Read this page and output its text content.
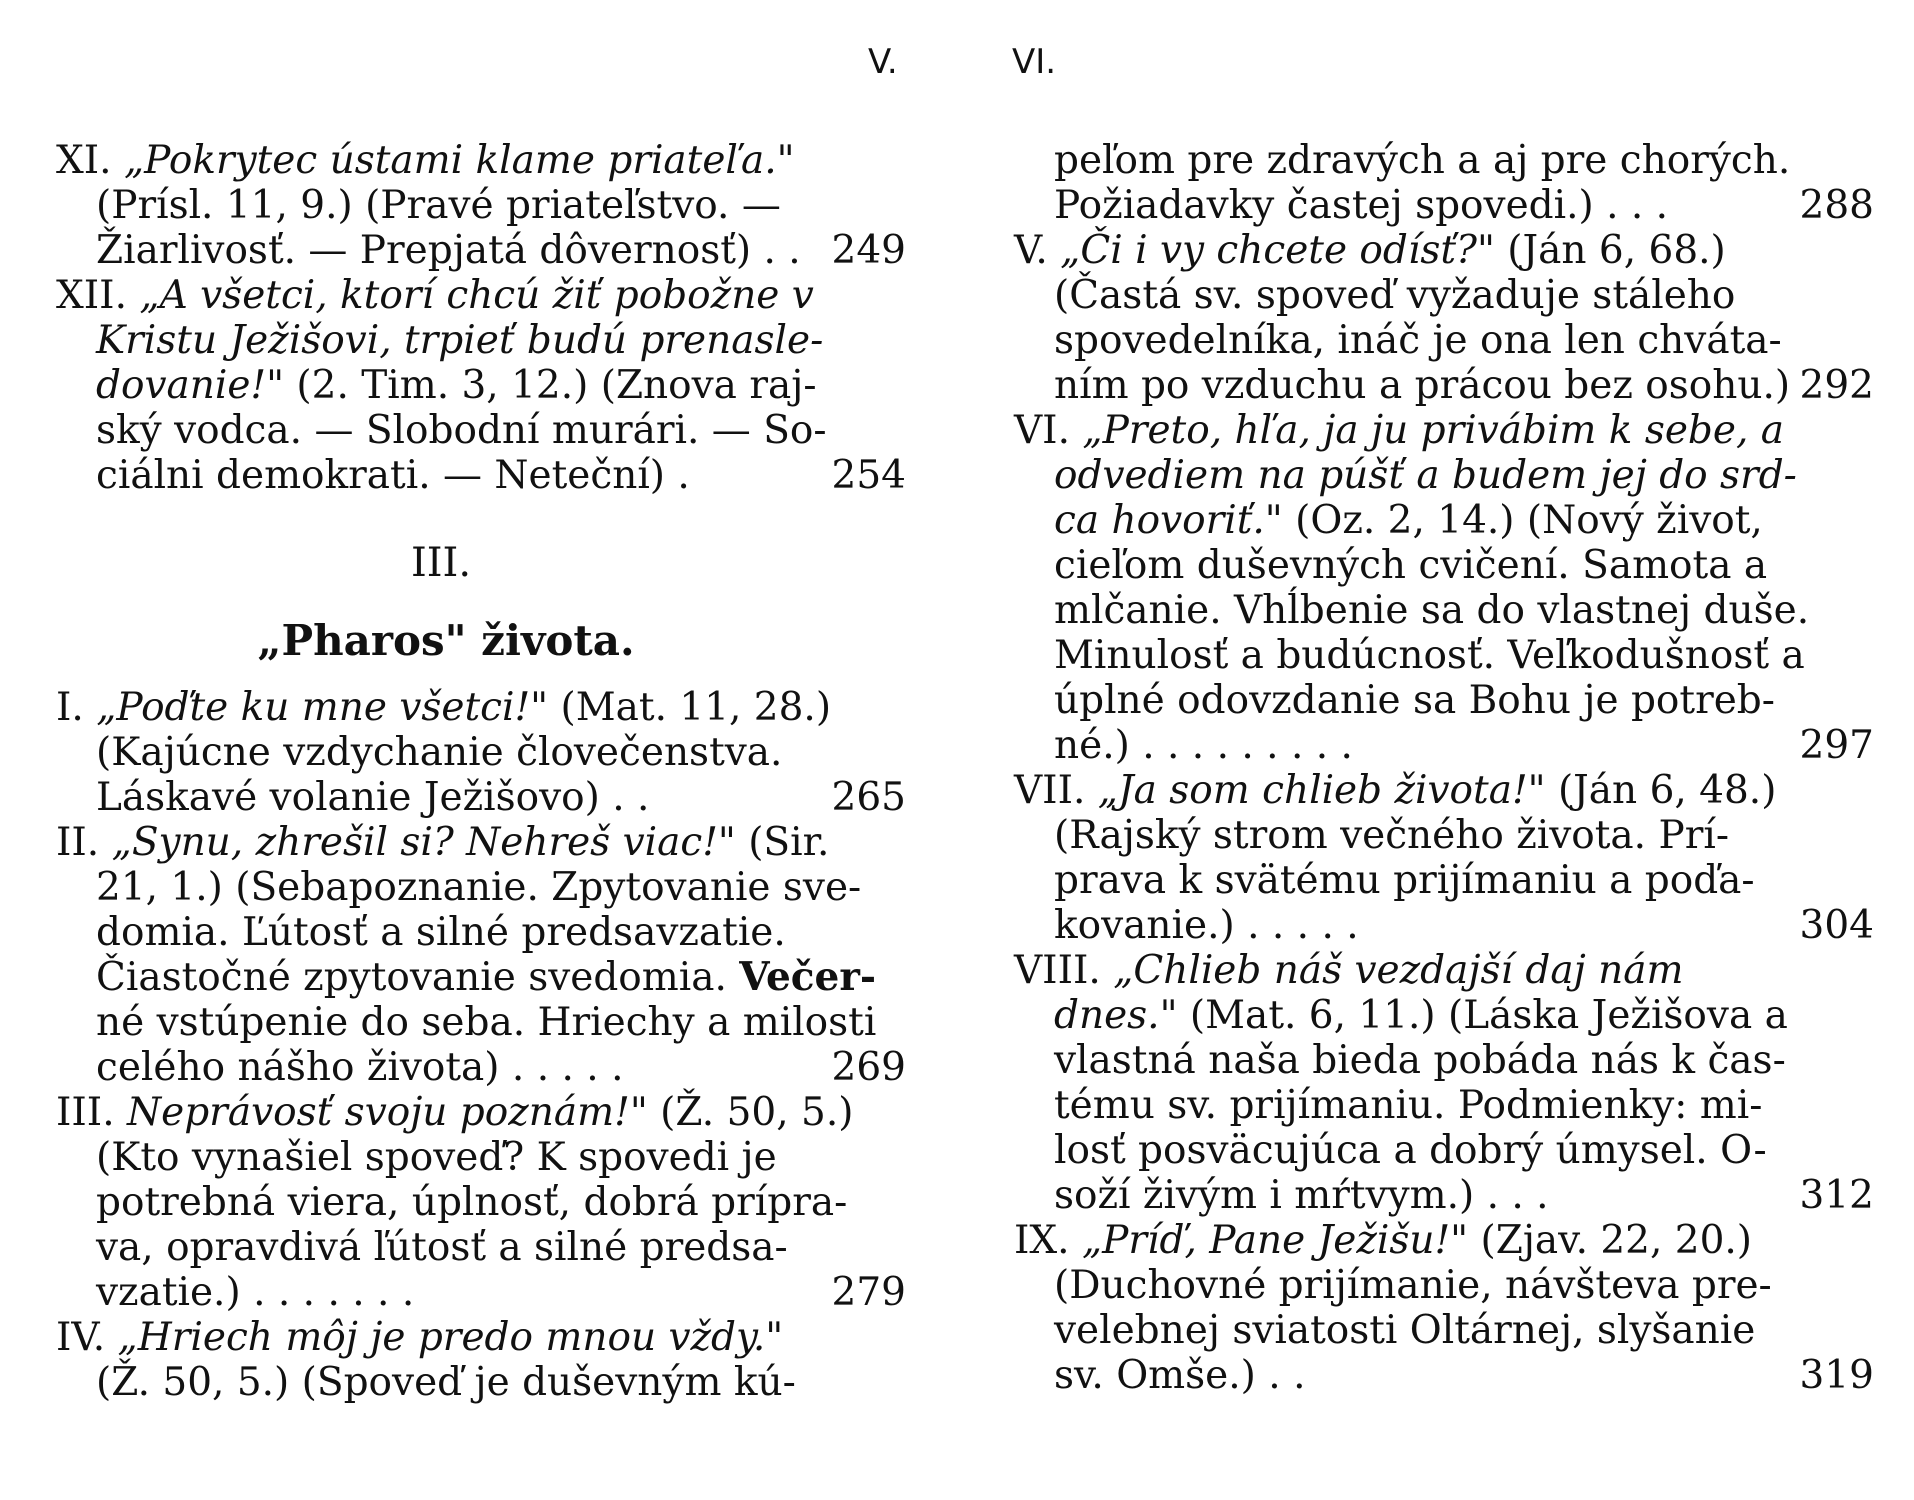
V.	VI.
XI. „Pokrytec ústami klame priateľa."
(Prísl. 11, 9.) (Pravé priateľstvo. —
Žiarlivosť. — Prepjatá dôvernosť) . . 249
XII. „A všetci, ktorí chcú žiť pobožne v
Kristu Ježišovi, trpieť budú prenasle-
dovanie!" (2. Tim. 3, 12.) (Znova raj-
ský vodca. — Slobodní murári. — So-
ciálni demokrati. — Neteční) .	254
III.
„Pharos" života.
I. „Poďte ku mne všetci!" (Mat. 11, 28.)
(Kajúcne vzdychanie človečenstva.
Láskavé volanie Ježišovo) . .	265
II. „Synu, zhrešil si? Nehreš viac!" (Sir.
21, 1.) (Sebapoznanie. Zpytovanie sve-
domia. Ľútosť a silné predsavzatie.
Čiastočné zpytovanie svedomia. Večer-
né vstúpenie do seba. Hriechy a milosti
celého nášho života) . . . . .	269
III. Neprávosť svoju poznám!" (Ž. 50, 5.)
(Kto vynašiel spoveď? K spovedi je
potrebná viera, úplnosť, dobrá prípra-
va, opravdivá ľútosť a silné predsa-
vzatie.) . . . . . . .	279
IV. „Hriech môj je predo mnou vždy."
(Ž. 50, 5.) (Spoveď je duševným kú-
peľom pre zdravých a aj pre chorých.
Požiadavky častej spovedi.) . . .	288
V. „Či i vy chcete odísť?" (Ján 6, 68.)
(Častá sv. spoveď vyžaduje stáleho
spovedelníka, ináč je ona len chváta-
ním po vzduchu a prácou bez osohu.) 292
VI. „Preto, hľa, ja ju privábim k sebe, a
odvediem na púšť a budem jej do srd-
ca hovoriť." (Oz. 2, 14.) (Nový život,
cieľom duševných cvičení. Samota a
mlčanie. Vhĺbenie sa do vlastnej duše.
Minulosť a budúcnosť. Veľkodušnosť a
úplné odovzdanie sa Bohu je potreb-
né.) . . . . . . . . .	297
VII. „Ja som chlieb života!" (Ján 6, 48.)
(Rajský strom večného života. Prí-
prava k svätému prijímaniu a poďa-
kovanie.) . . . . .	304
VIII. „Chlieb náš vezdajší daj nám
dnes." (Mat. 6, 11.) (Láska Ježišova a
vlastná naša bieda pobáda nás k čas-
tému sv. prijímaniu. Podmienky: mi-
losť posväcujúca a dobrý úmysel. O-
soží živým i mŕtvym.) . . .	312
IX. „Príď, Pane Ježišu!" (Zjav. 22, 20.)
(Duchovné prijímanie, návšteva pre-
velebnej sviatosti Oltárnej, slyšanie
sv. Omše.) . .	319
